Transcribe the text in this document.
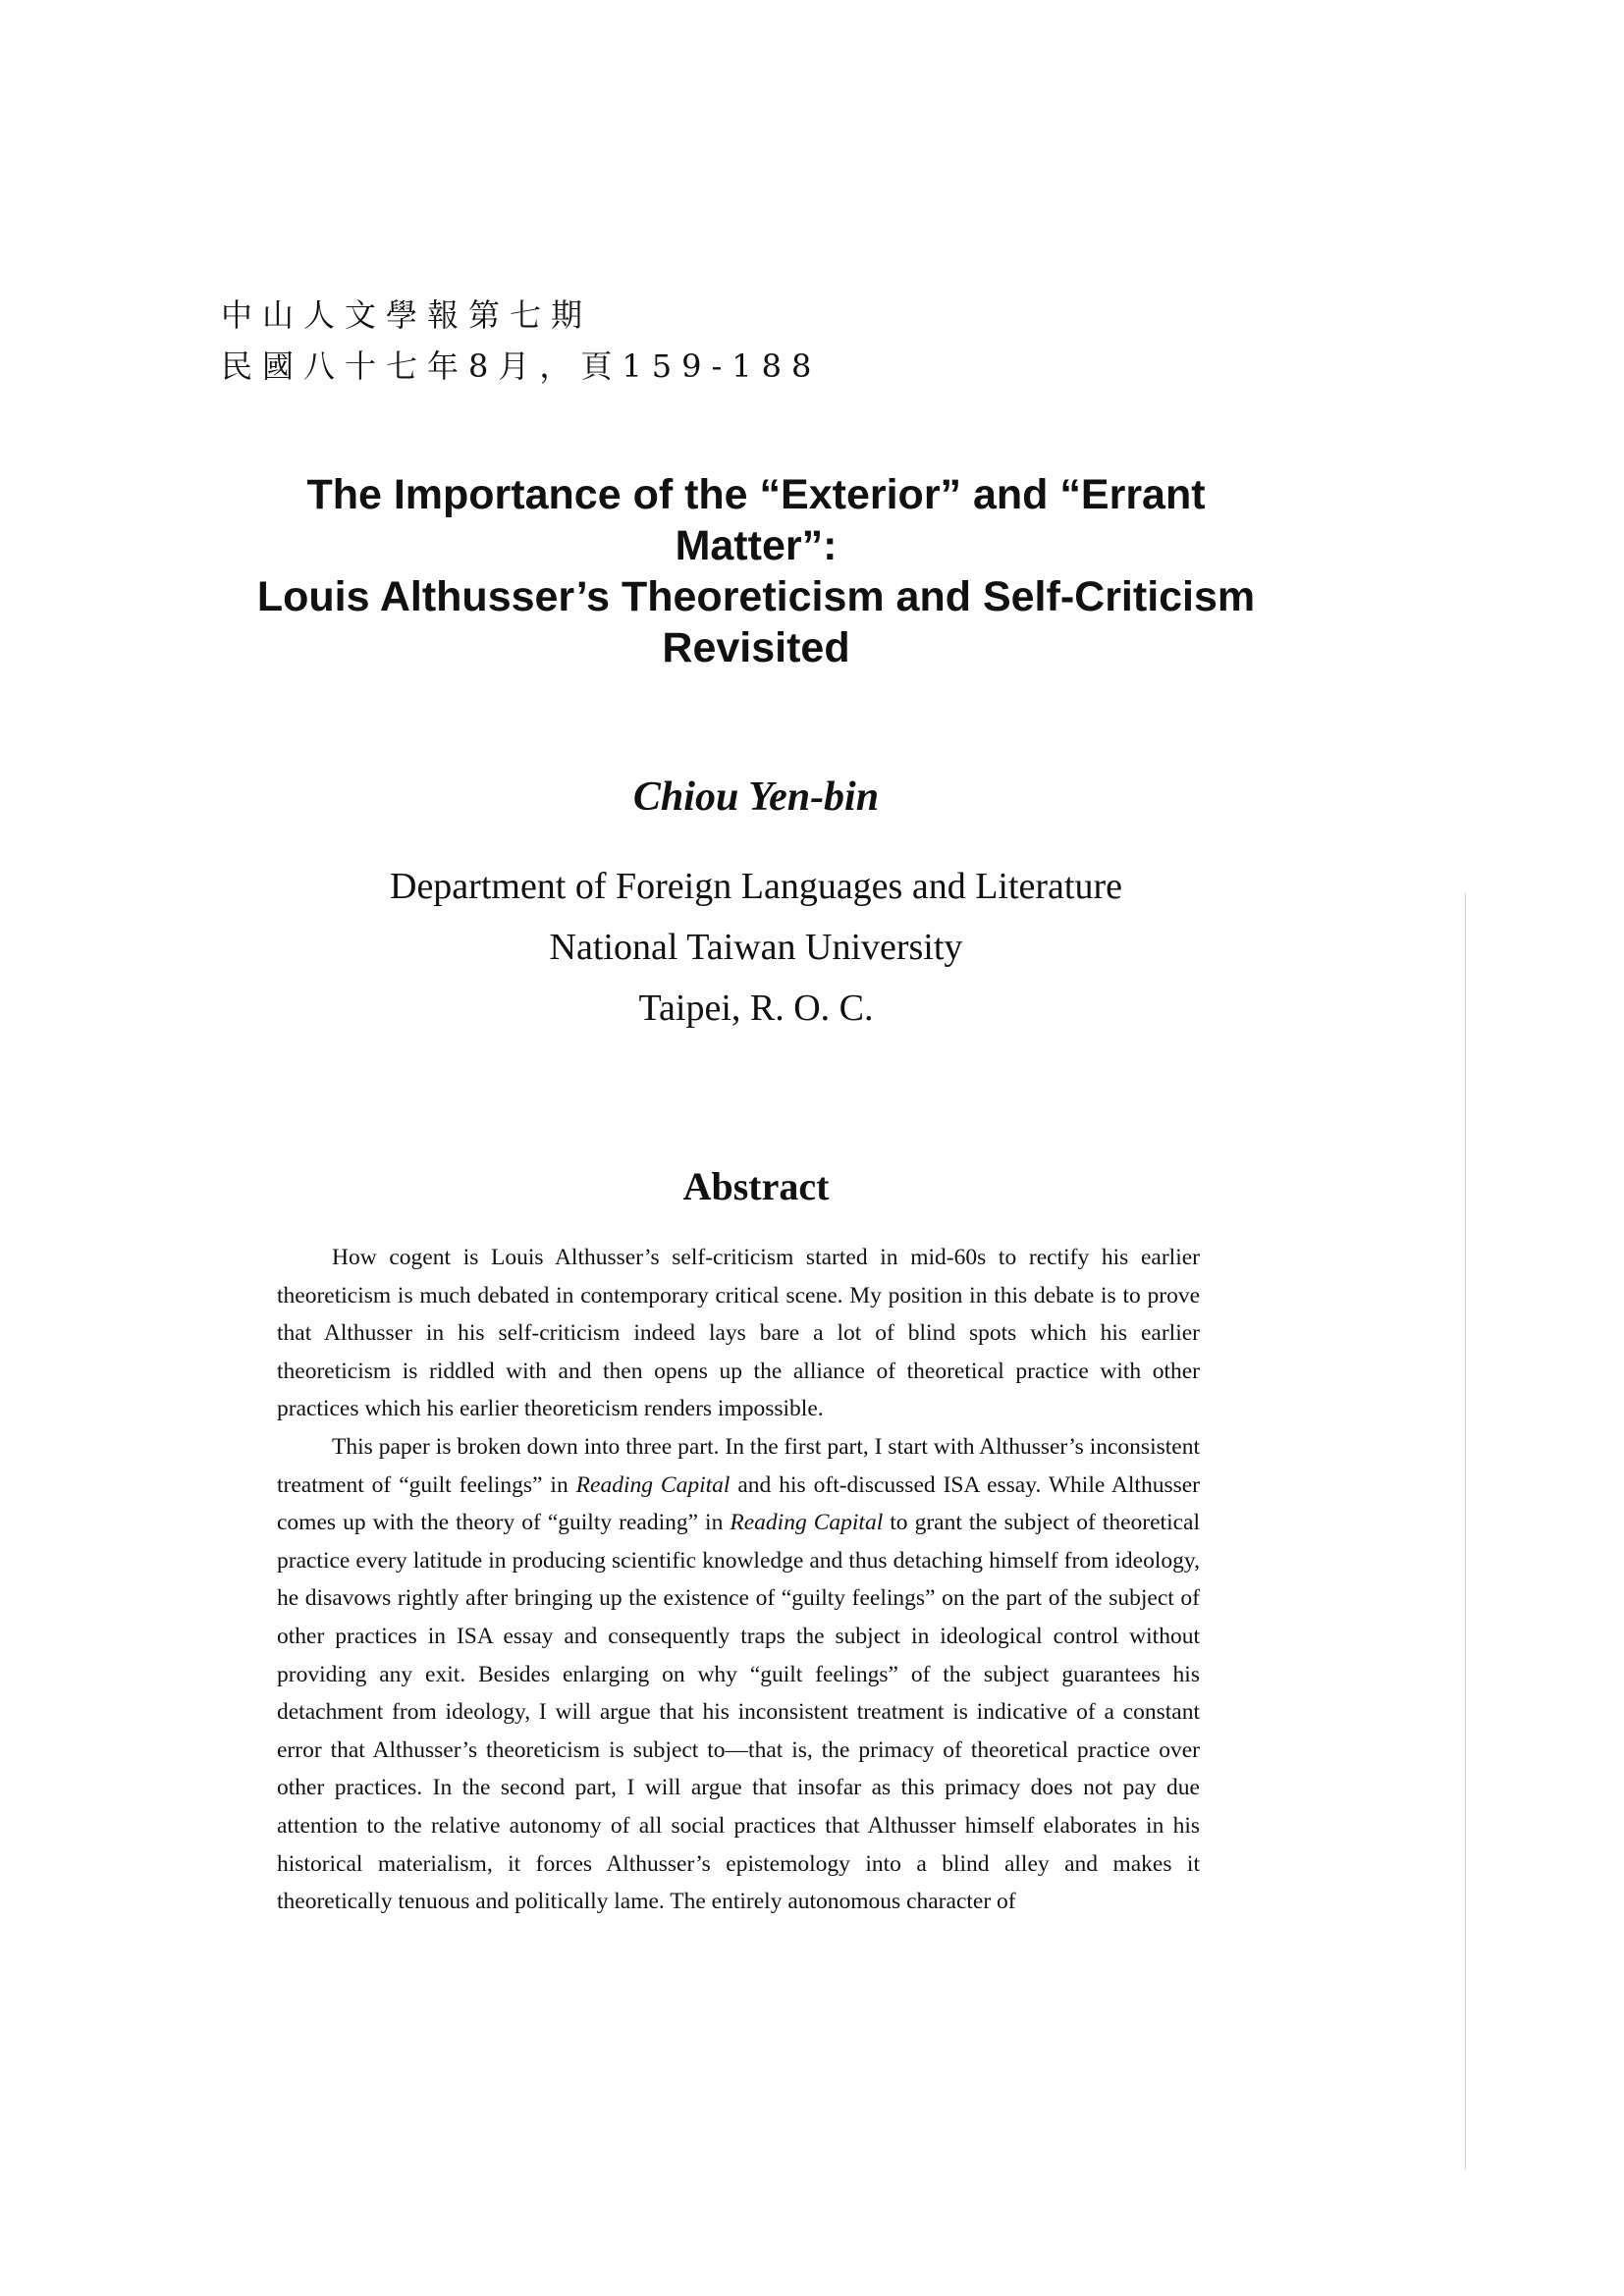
中山人文學報第七期
民國八十七年8月，頁159-188
The Importance of the “Exterior” and “Errant
Matter”:
Louis Althusser’s Theoreticism and Self-Criticism
Revisited
Chiou Yen-bin
Department of Foreign Languages and Literature
National Taiwan University
Taipei, R. O. C.
Abstract

How cogent is Louis Althusser’s self-criticism started in mid-60s to rectify his earlier theoreticism is much debated in contemporary critical scene. My position in this debate is to prove that Althusser in his self-criticism indeed lays bare a lot of blind spots which his earlier theoreticism is riddled with and then opens up the alliance of theoretical practice with other practices which his earlier theoreticism renders impossible.

This paper is broken down into three part. In the first part, I start with Althusser’s inconsistent treatment of “guilt feelings” in Reading Capital and his oft-discussed ISA essay. While Althusser comes up with the theory of “guilty reading” in Reading Capital to grant the subject of theoretical practice every latitude in producing scientific knowledge and thus detaching himself from ideology, he disavows rightly after bringing up the existence of “guilty feelings” on the part of the subject of other practices in ISA essay and consequently traps the subject in ideological control without providing any exit. Besides enlarging on why “guilt feelings” of the subject guarantees his detachment from ideology, I will argue that his inconsistent treatment is indicative of a constant error that Althusser’s theoreticism is subject to—that is, the primacy of theoretical practice over other practices. In the second part, I will argue that insofar as this primacy does not pay due attention to the relative autonomy of all social practices that Althusser himself elaborates in his historical materialism, it forces Althusser’s epistemology into a blind alley and makes it theoretically tenuous and politically lame. The entirely autonomous character of
